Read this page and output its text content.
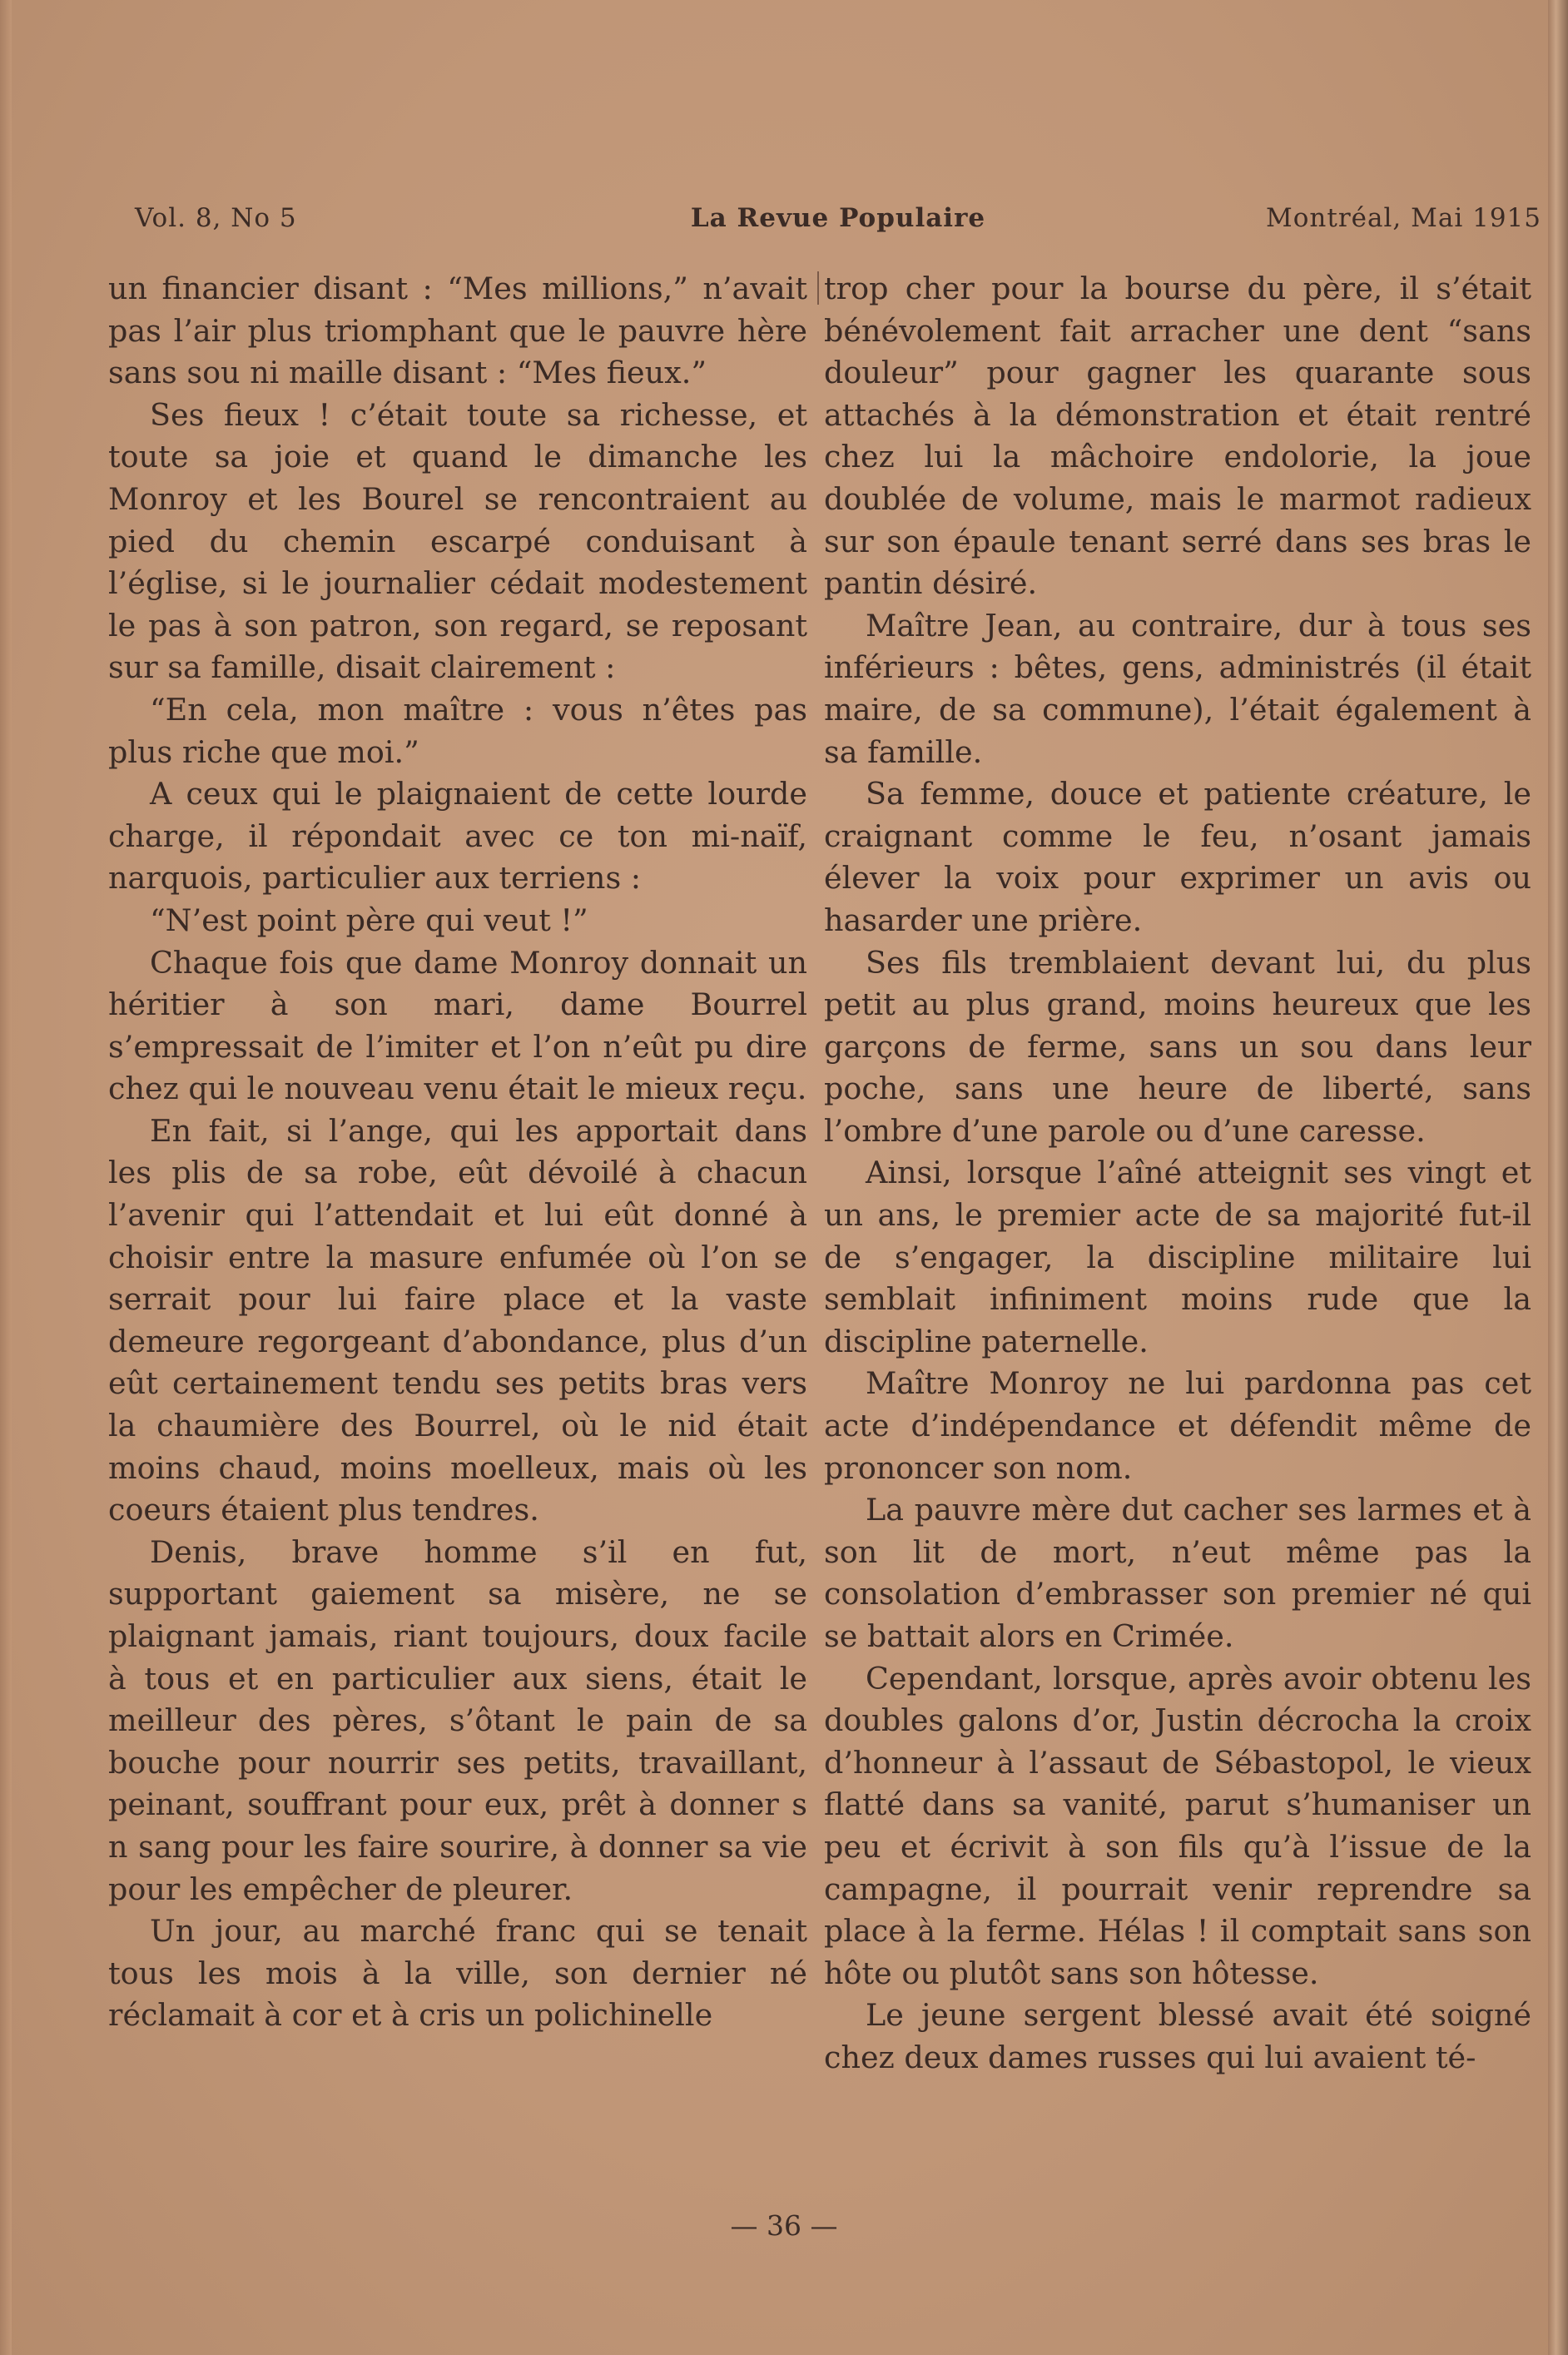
Vol. 8, No 5	La Revue Populaire	Montréal, Mai 1915

un financier disant : “Mes millions,” n’avait pas l’air plus triomphant que le pauvre hère sans sou ni maille disant : “Mes fieux.”

Ses fieux ! c’était toute sa richesse, et toute sa joie et quand le dimanche les Monroy et les Bourel se rencontraient au pied du chemin escarpé conduisant à l’église, si le journalier cédait modestement le pas à son patron, son regard, se reposant sur sa famille, disait clairement :

“En cela, mon maître : vous n’êtes pas plus riche que moi.”

A ceux qui le plaignaient de cette lourde charge, il répondait avec ce ton mi-naïf, narquois, particulier aux terriens :

“N’est point père qui veut !”

Chaque fois que dame Monroy donnait un héritier à son mari, dame Bourrel s’empressait de l’imiter et l’on n’eût pu dire chez qui le nouveau venu était le mieux reçu.

En fait, si l’ange, qui les apportait dans les plis de sa robe, eût dévoilé à chacun l’avenir qui l’attendait et lui eût donné à choisir entre la masure enfumée où l’on se serrait pour lui faire place et la vaste demeure regorgeant d’abondance, plus d’un eût certainement tendu ses petits bras vers la chaumière des Bourrel, où le nid était moins chaud, moins moelleux, mais où les coeurs étaient plus tendres.

Denis, brave homme s’il en fut, supportant gaiement sa misère, ne se plaignant jamais, riant toujours, doux facile à tous et en particulier aux siens, était le meilleur des pères, s’ôtant le pain de sa bouche pour nourrir ses petits, travaillant, peinant, souffrant pour eux, prêt à donner s n sang pour les faire sourire, à donner sa vie pour les empêcher de pleurer.

Un jour, au marché franc qui se tenait tous les mois à la ville, son dernier né réclamait à cor et à cris un polichinelle

trop cher pour la bourse du père, il s’était bénévolement fait arracher une dent “sans douleur” pour gagner les quarante sous attachés à la démonstration et était rentré chez lui la mâchoire endolorie, la joue doublée de volume, mais le marmot radieux sur son épaule tenant serré dans ses bras le pantin désiré.

Maître Jean, au contraire, dur à tous ses inférieurs : bêtes, gens, administrés (il était maire, de sa commune), l’était également à sa famille.

Sa femme, douce et patiente créature, le craignant comme le feu, n’osant jamais élever la voix pour exprimer un avis ou hasarder une prière.

Ses fils tremblaient devant lui, du plus petit au plus grand, moins heureux que les garçons de ferme, sans un sou dans leur poche, sans une heure de liberté, sans l’ombre d’une parole ou d’une caresse.

Ainsi, lorsque l’aîné atteignit ses vingt et un ans, le premier acte de sa majorité fut-il de s’engager, la discipline militaire lui semblait infiniment moins rude que la discipline paternelle.

Maître Monroy ne lui pardonna pas cet acte d’indépendance et défendit même de prononcer son nom.

La pauvre mère dut cacher ses larmes et à son lit de mort, n’eut même pas la consolation d’embrasser son premier né qui se battait alors en Crimée.

Cependant, lorsque, après avoir obtenu les doubles galons d’or, Justin décrocha la croix d’honneur à l’assaut de Sébastopol, le vieux flatté dans sa vanité, parut s’humaniser un peu et écrivit à son fils qu’à l’issue de la campagne, il pourrait venir reprendre sa place à la ferme. Hélas ! il comptait sans son hôte ou plutôt sans son hôtesse.

Le jeune sergent blessé avait été soigné chez deux dames russes qui lui avaient té-

— 36 —
